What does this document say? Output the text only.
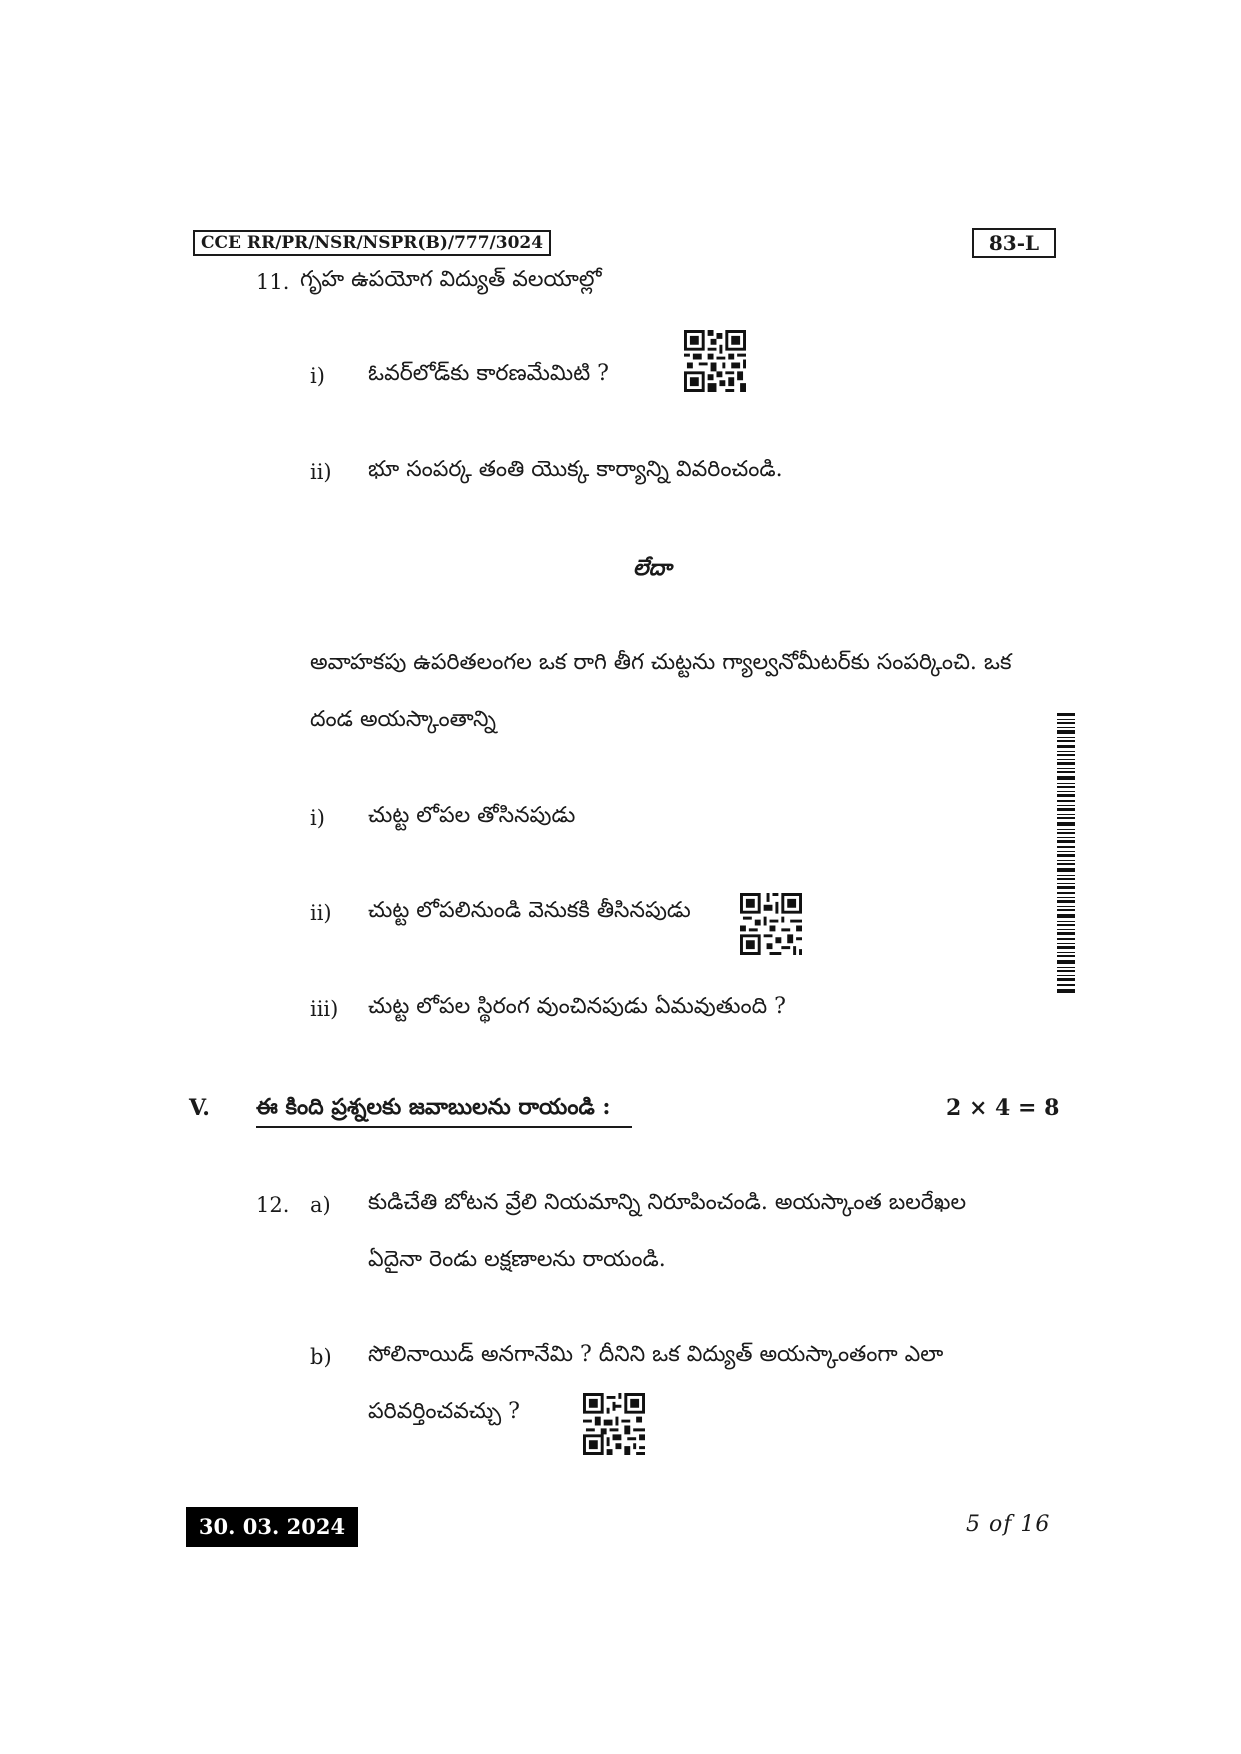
CCE RR/PR/NSR/NSPR(B)/777/3024	83-L
11. గృహ ఉపయోగ విద్యుత్ వలయాల్లో
i) ఓవర్‌లోడ్‌కు కారణమేమిటి ?
ii) భూ సంపర్క తంతి యొక్క కార్యాన్ని వివరించండి.
లేదా
అవాహకపు ఉపరితలంగల ఒక రాగి తీగ చుట్టను గ్యాల్వనోమీటర్‌కు సంపర్కించి. ఒక
దండ అయస్కాంతాన్ని
i) చుట్ట లోపల తోసినపుడు
ii) చుట్ట లోపలినుండి వెనుకకి తీసినపుడు
iii) చుట్ట లోపల స్థిరంగ వుంచినపుడు ఏమవుతుంది ?
V. ఈ కింది ప్రశ్నలకు జవాబులను రాయండి :	2 × 4 = 8
12. a) కుడిచేతి బోటన వ్రేలి నియమాన్ని నిరూపించండి. అయస్కాంత బలరేఖల
ఏదైనా రెండు లక్షణాలను రాయండి.
b) సోలినాయిడ్ అనగానేమి ? దీనిని ఒక విద్యుత్ అయస్కాంతంగా ఎలా
పరివర్తించవచ్చు ?
30. 03. 2024	5 of 16
